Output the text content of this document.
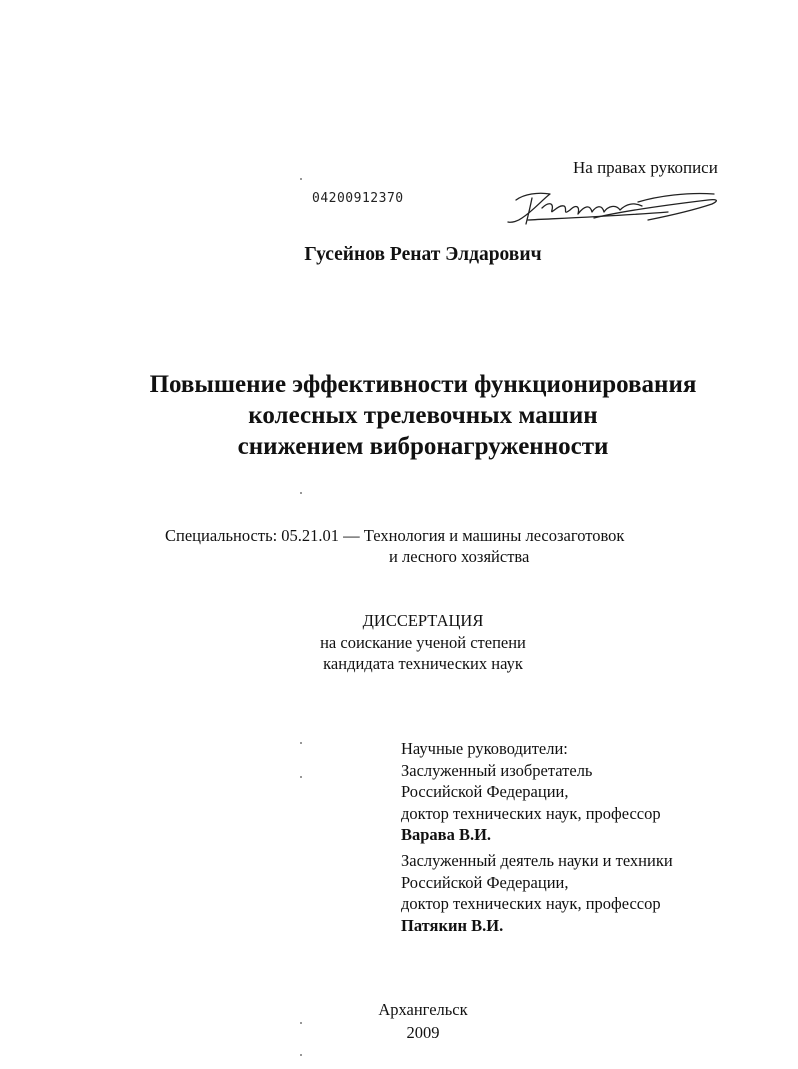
На правах рукописи
04200912370
Гусейнов Ренат Элдарович
Повышение эффективности функционирования
колесных трелевочных машин
снижением вибронагруженности
Специальность: 05.21.01 — Технология и машины лесозаготовок
и лесного хозяйства
ДИССЕРТАЦИЯ
на соискание ученой степени
кандидата технических наук
Научные руководители:
Заслуженный изобретатель
Российской Федерации,
доктор технических наук, профессор
Варава В.И.
Заслуженный деятель науки и техники
Российской Федерации,
доктор технических наук, профессор
Патякин В.И.
Архангельск
2009
